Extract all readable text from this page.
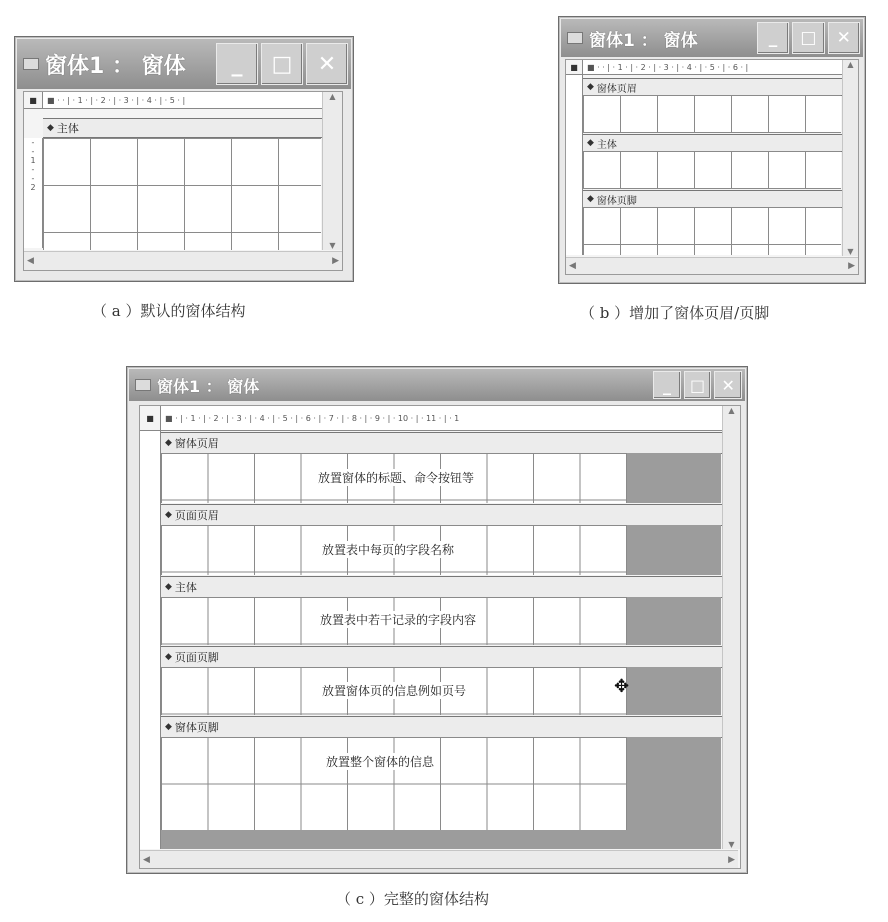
窗体1 ： 窗体	_	□	✕
■	■ · · | · 1 · | · 2 · | · 3 · | · 4 · | · 5 · |
-
-
1
-
-
2
◆ 主体
▲
▼
◀	▶
（ a ）默认的窗体结构
窗体1 ： 窗体	_	□	✕
■	■ · · | · 1 · | · 2 · | · 3 · | · 4 · | · 5 · | · 6 · |
◆ 窗体页眉
◆ 主体
◆ 窗体页脚
▲
▼
◀	▶
（ b ）增加了窗体页眉/页脚
窗体1 ： 窗体	_	□	✕
■	■ · | · 1 · | · 2 · | · 3 · | · 4 · | · 5 · | · 6 · | · 7 · | · 8 · | · 9 · | · 10 · | · 11 · | · 1
◆ 窗体页眉
放置窗体的标题、命令按钮等
◆ 页面页眉
放置表中每页的字段名称
◆ 主体
放置表中若干记录的字段内容
◆ 页面页脚
放置窗体页的信息例如页号	✥
◆ 窗体页脚
放置整个窗体的信息
▲
▼
◀	▶
（ c ）完整的窗体结构
